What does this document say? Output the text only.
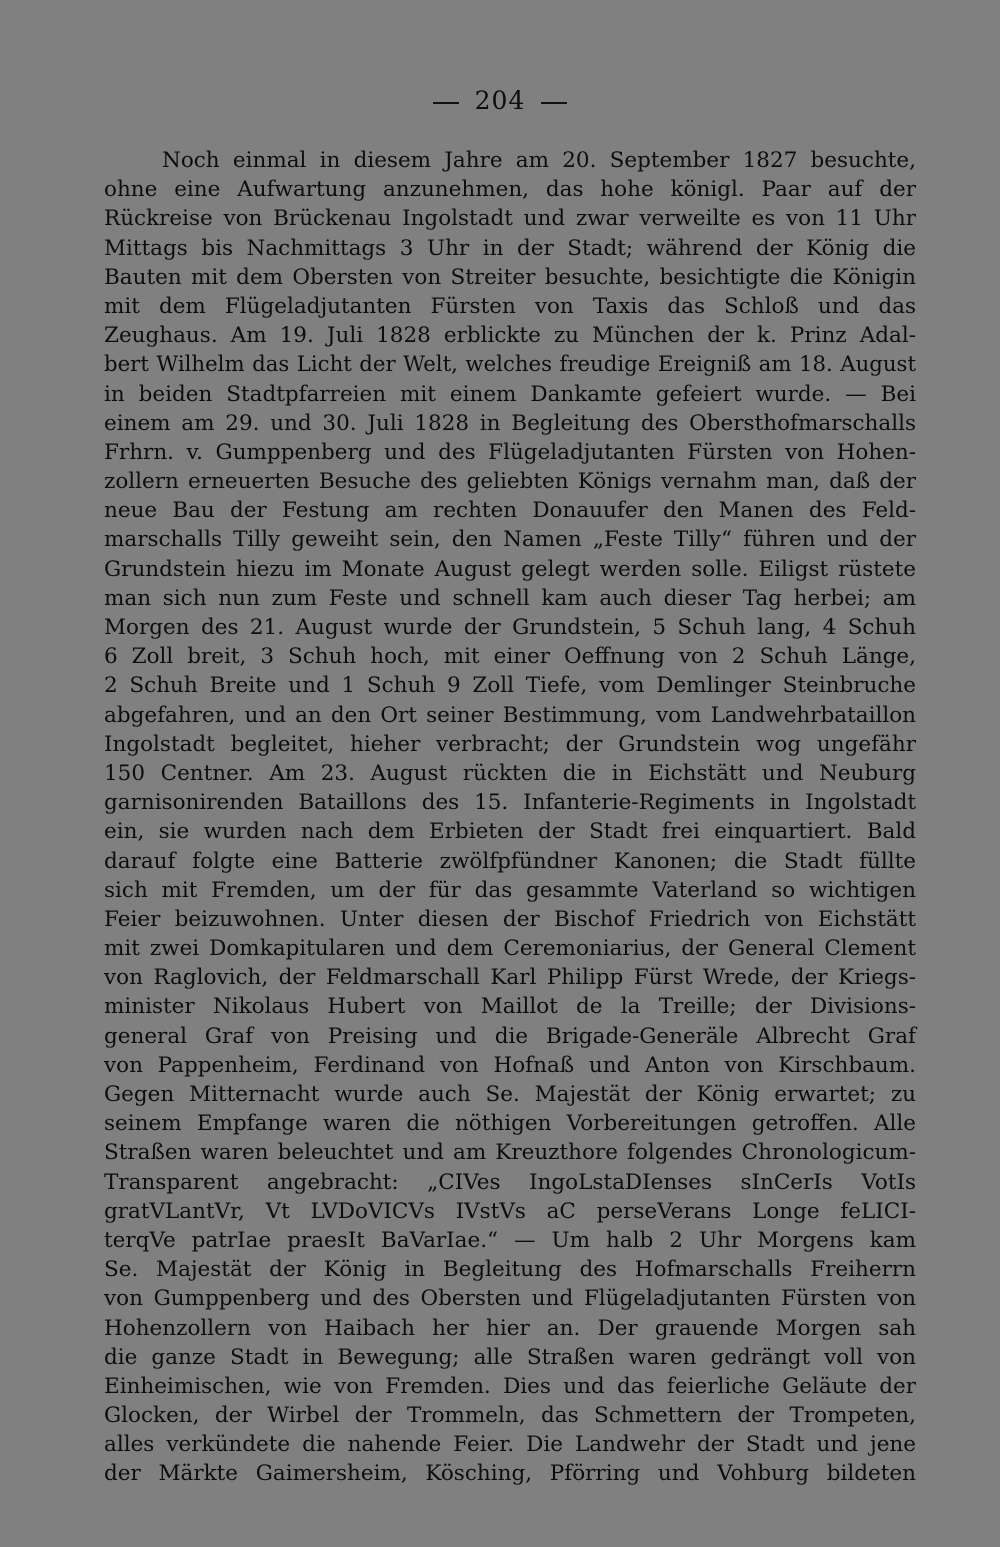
204
Noch einmal in diesem Jahre am 20. September 1827 besuchte,
ohne eine Aufwartung anzunehmen, das hohe königl. Paar auf der
Rückreise von Brückenau Ingolstadt und zwar verweilte es von 11 Uhr
Mittags bis Nachmittags 3 Uhr in der Stadt; während der König die
Bauten mit dem Obersten von Streiter besuchte, besichtigte die Königin
mit dem Flügeladjutanten Fürsten von Taxis das Schloß und das
Zeughaus. Am 19. Juli 1828 erblickte zu München der k. Prinz Adal-
bert Wilhelm das Licht der Welt, welches freudige Ereigniß am 18. August
in beiden Stadtpfarreien mit einem Dankamte gefeiert wurde. — Bei
einem am 29. und 30. Juli 1828 in Begleitung des Obersthofmarschalls
Frhrn. v. Gumppenberg und des Flügeladjutanten Fürsten von Hohen-
zollern erneuerten Besuche des geliebten Königs vernahm man, daß der
neue Bau der Festung am rechten Donauufer den Manen des Feld-
marschalls Tilly geweiht sein, den Namen „Feste Tilly“ führen und der
Grundstein hiezu im Monate August gelegt werden solle. Eiligst rüstete
man sich nun zum Feste und schnell kam auch dieser Tag herbei; am
Morgen des 21. August wurde der Grundstein, 5 Schuh lang, 4 Schuh
6 Zoll breit, 3 Schuh hoch, mit einer Oeffnung von 2 Schuh Länge,
2 Schuh Breite und 1 Schuh 9 Zoll Tiefe, vom Demlinger Steinbruche
abgefahren, und an den Ort seiner Bestimmung, vom Landwehrbataillon
Ingolstadt begleitet, hieher verbracht; der Grundstein wog ungefähr
150 Centner. Am 23. August rückten die in Eichstätt und Neuburg
garnisonirenden Bataillons des 15. Infanterie-Regiments in Ingolstadt
ein, sie wurden nach dem Erbieten der Stadt frei einquartiert. Bald
darauf folgte eine Batterie zwölfpfündner Kanonen; die Stadt füllte
sich mit Fremden, um der für das gesammte Vaterland so wichtigen
Feier beizuwohnen. Unter diesen der Bischof Friedrich von Eichstätt
mit zwei Domkapitularen und dem Ceremoniarius, der General Clement
von Raglovich, der Feldmarschall Karl Philipp Fürst Wrede, der Kriegs-
minister Nikolaus Hubert von Maillot de la Treille; der Divisions-
general Graf von Preising und die Brigade-Generäle Albrecht Graf
von Pappenheim, Ferdinand von Hofnaß und Anton von Kirschbaum.
Gegen Mitternacht wurde auch Se. Majestät der König erwartet; zu
seinem Empfange waren die nöthigen Vorbereitungen getroffen. Alle
Straßen waren beleuchtet und am Kreuzthore folgendes Chronologicum-
Transparent angebracht: „CIVes IngoLstaDIenses sInCerIs VotIs
gratVLantVr, Vt LVDoVICVs IVstVs aC perseVerans Longe feLICI-
terqVe patrIae praesIt BaVarIae.“ — Um halb 2 Uhr Morgens kam
Se. Majestät der König in Begleitung des Hofmarschalls Freiherrn
von Gumppenberg und des Obersten und Flügeladjutanten Fürsten von
Hohenzollern von Haibach her hier an. Der grauende Morgen sah
die ganze Stadt in Bewegung; alle Straßen waren gedrängt voll von
Einheimischen, wie von Fremden. Dies und das feierliche Geläute der
Glocken, der Wirbel der Trommeln, das Schmettern der Trompeten,
alles verkündete die nahende Feier. Die Landwehr der Stadt und jene
der Märkte Gaimersheim, Kösching, Pförring und Vohburg bildeten
